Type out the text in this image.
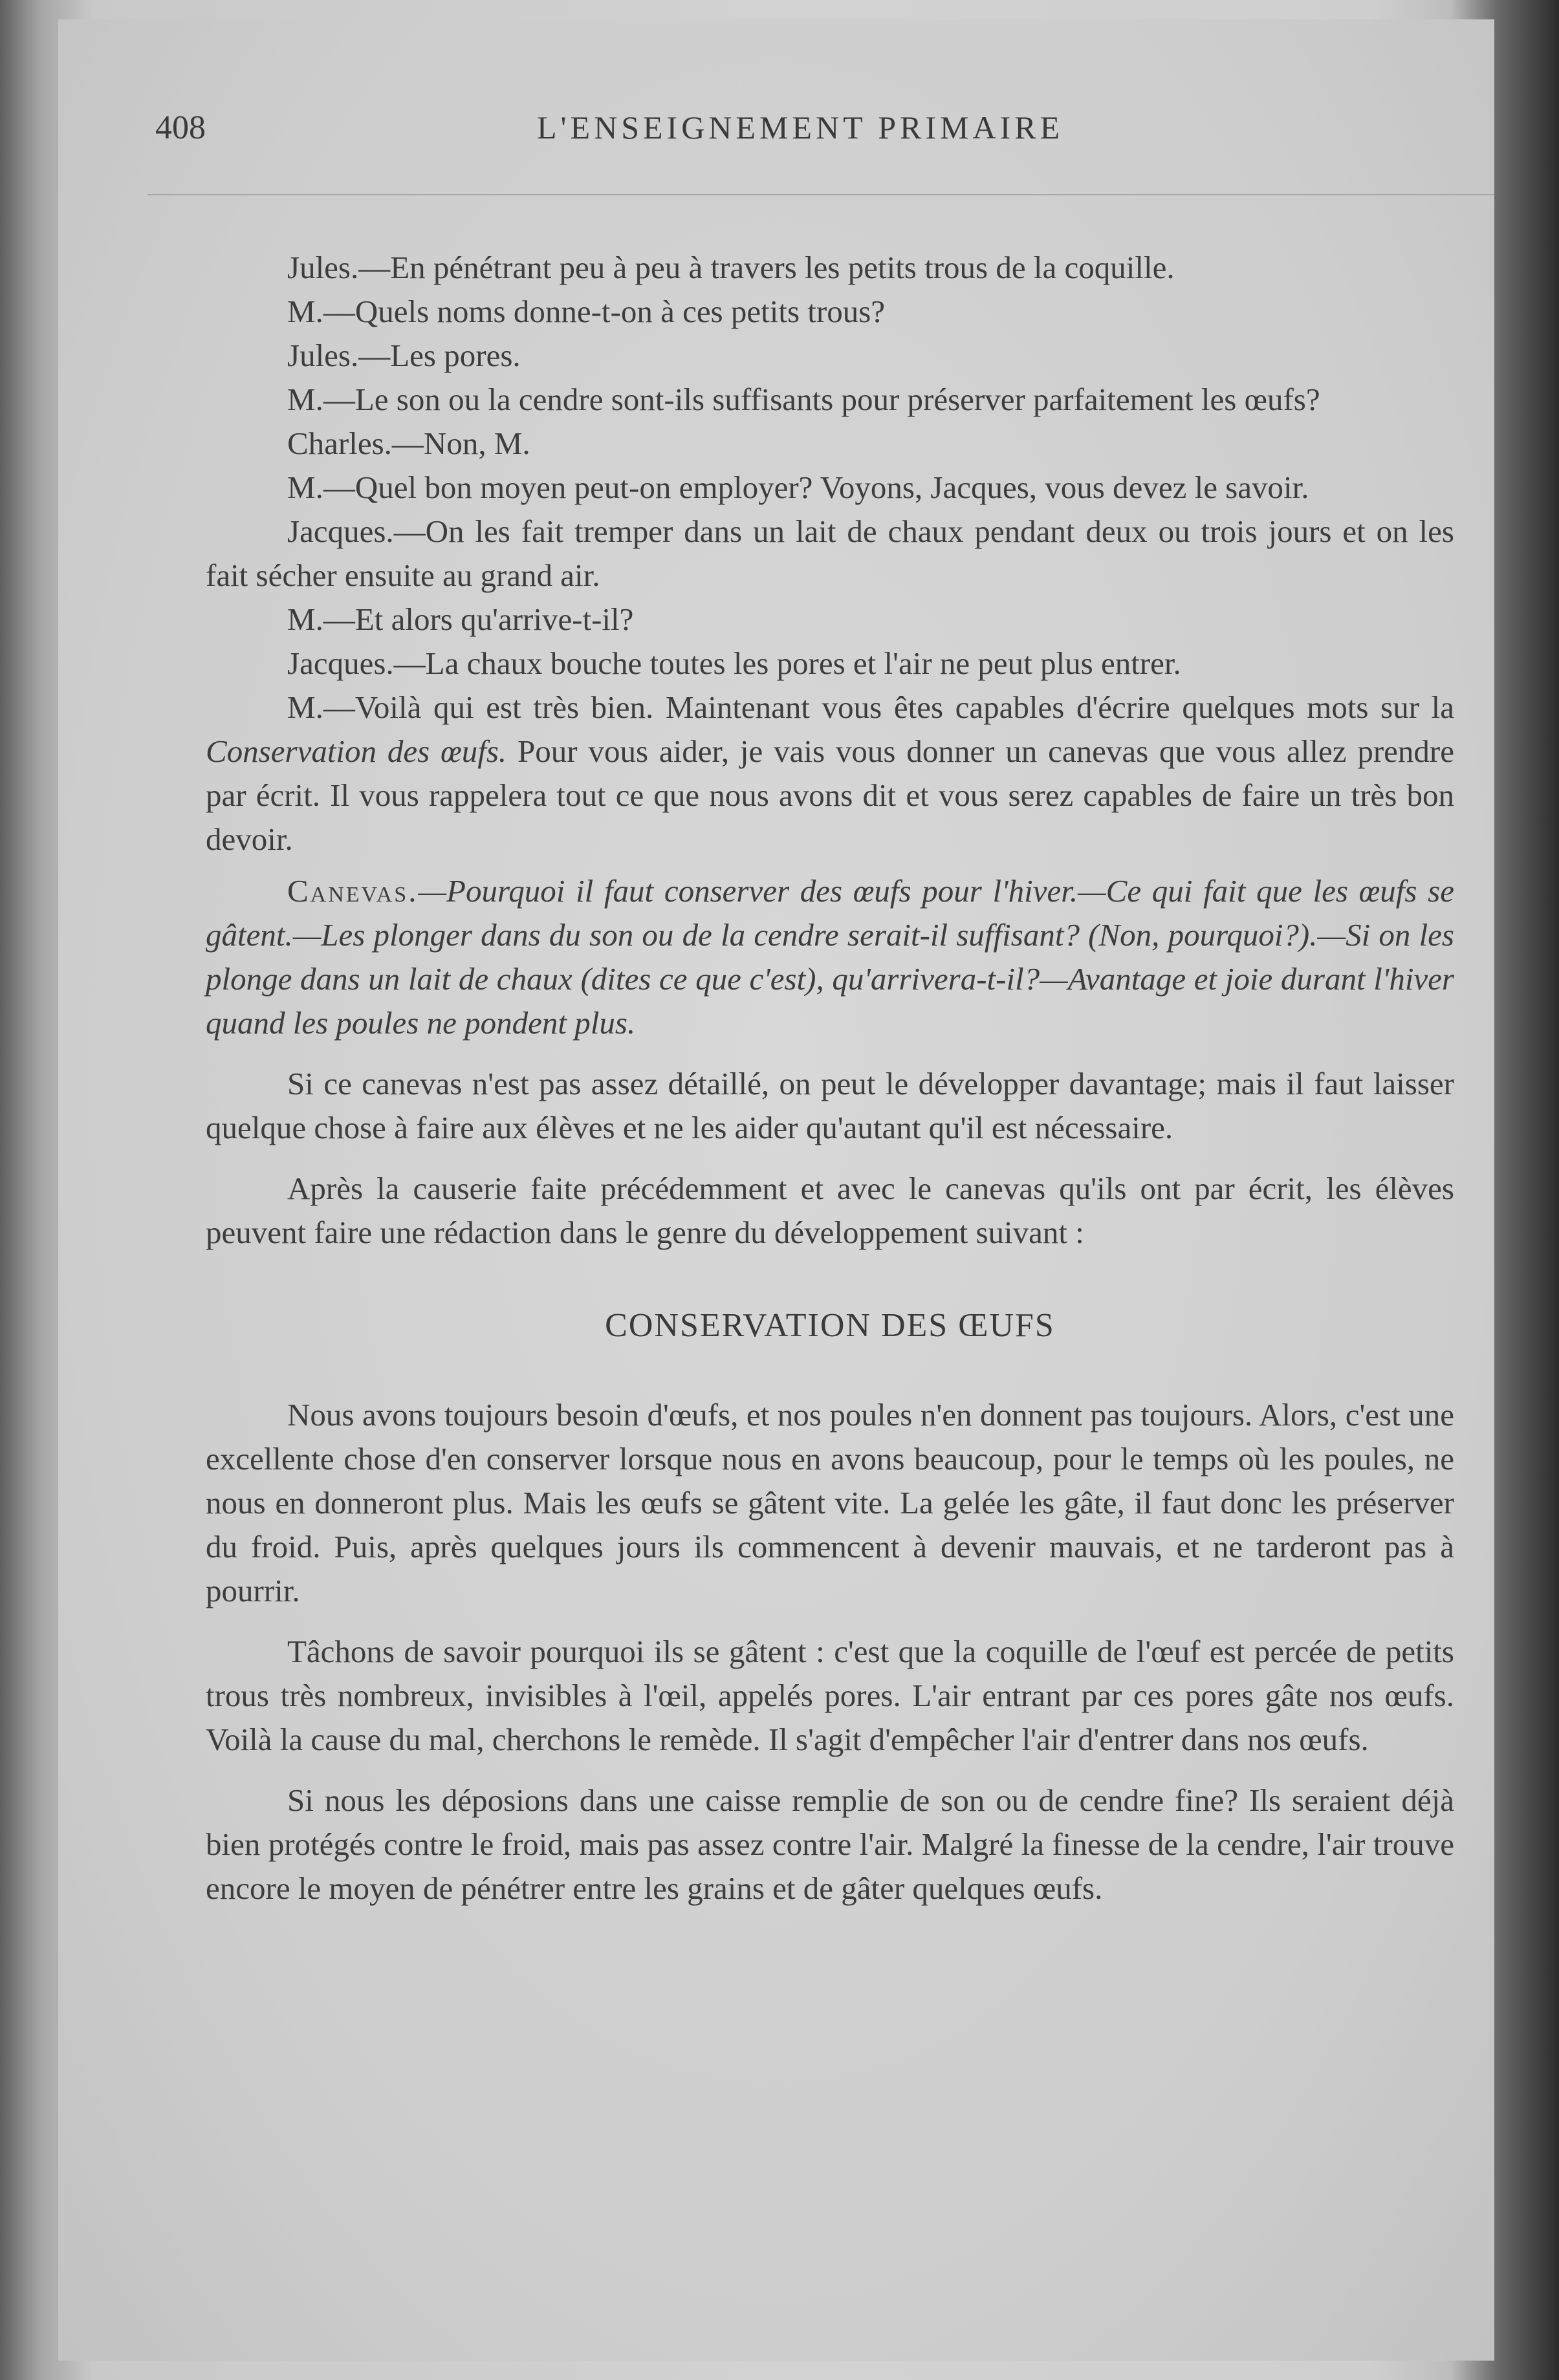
408	L'ENSEIGNEMENT PRIMAIRE

Jules.—En pénétrant peu à peu à travers les petits trous de la coquille.

M.—Quels noms donne-t-on à ces petits trous?

Jules.—Les pores.

M.—Le son ou la cendre sont-ils suffisants pour préserver parfaitement les œufs?

Charles.—Non, M.

M.—Quel bon moyen peut-on employer? Voyons, Jacques, vous devez le savoir.

Jacques.—On les fait tremper dans un lait de chaux pendant deux ou trois jours et on les fait sécher ensuite au grand air.

M.—Et alors qu'arrive-t-il?

Jacques.—La chaux bouche toutes les pores et l'air ne peut plus entrer.

M.—Voilà qui est très bien. Maintenant vous êtes capables d'écrire quelques mots sur la Conservation des œufs. Pour vous aider, je vais vous donner un canevas que vous allez prendre par écrit. Il vous rappelera tout ce que nous avons dit et vous serez capables de faire un très bon devoir.

Canevas.—Pourquoi il faut conserver des œufs pour l'hiver.—Ce qui fait que les œufs se gâtent.—Les plonger dans du son ou de la cendre serait-il suffisant? (Non, pourquoi?).—Si on les plonge dans un lait de chaux (dites ce que c'est), qu'arrivera-t-il?—Avantage et joie durant l'hiver quand les poules ne pondent plus.

Si ce canevas n'est pas assez détaillé, on peut le développer davantage; mais il faut laisser quelque chose à faire aux élèves et ne les aider qu'autant qu'il est nécessaire.

Après la causerie faite précédemment et avec le canevas qu'ils ont par écrit, les élèves peuvent faire une rédaction dans le genre du développement suivant :

CONSERVATION DES ŒUFS

Nous avons toujours besoin d'œufs, et nos poules n'en donnent pas toujours. Alors, c'est une excellente chose d'en conserver lorsque nous en avons beaucoup, pour le temps où les poules, ne nous en donneront plus. Mais les œufs se gâtent vite. La gelée les gâte, il faut donc les préserver du froid. Puis, après quelques jours ils commencent à devenir mauvais, et ne tarderont pas à pourrir.

Tâchons de savoir pourquoi ils se gâtent : c'est que la coquille de l'œuf est percée de petits trous très nombreux, invisibles à l'œil, appelés pores. L'air entrant par ces pores gâte nos œufs. Voilà la cause du mal, cherchons le remède. Il s'agit d'empêcher l'air d'entrer dans nos œufs.

Si nous les déposions dans une caisse remplie de son ou de cendre fine? Ils seraient déjà bien protégés contre le froid, mais pas assez contre l'air. Malgré la finesse de la cendre, l'air trouve encore le moyen de pénétrer entre les grains et de gâter quelques œufs.
